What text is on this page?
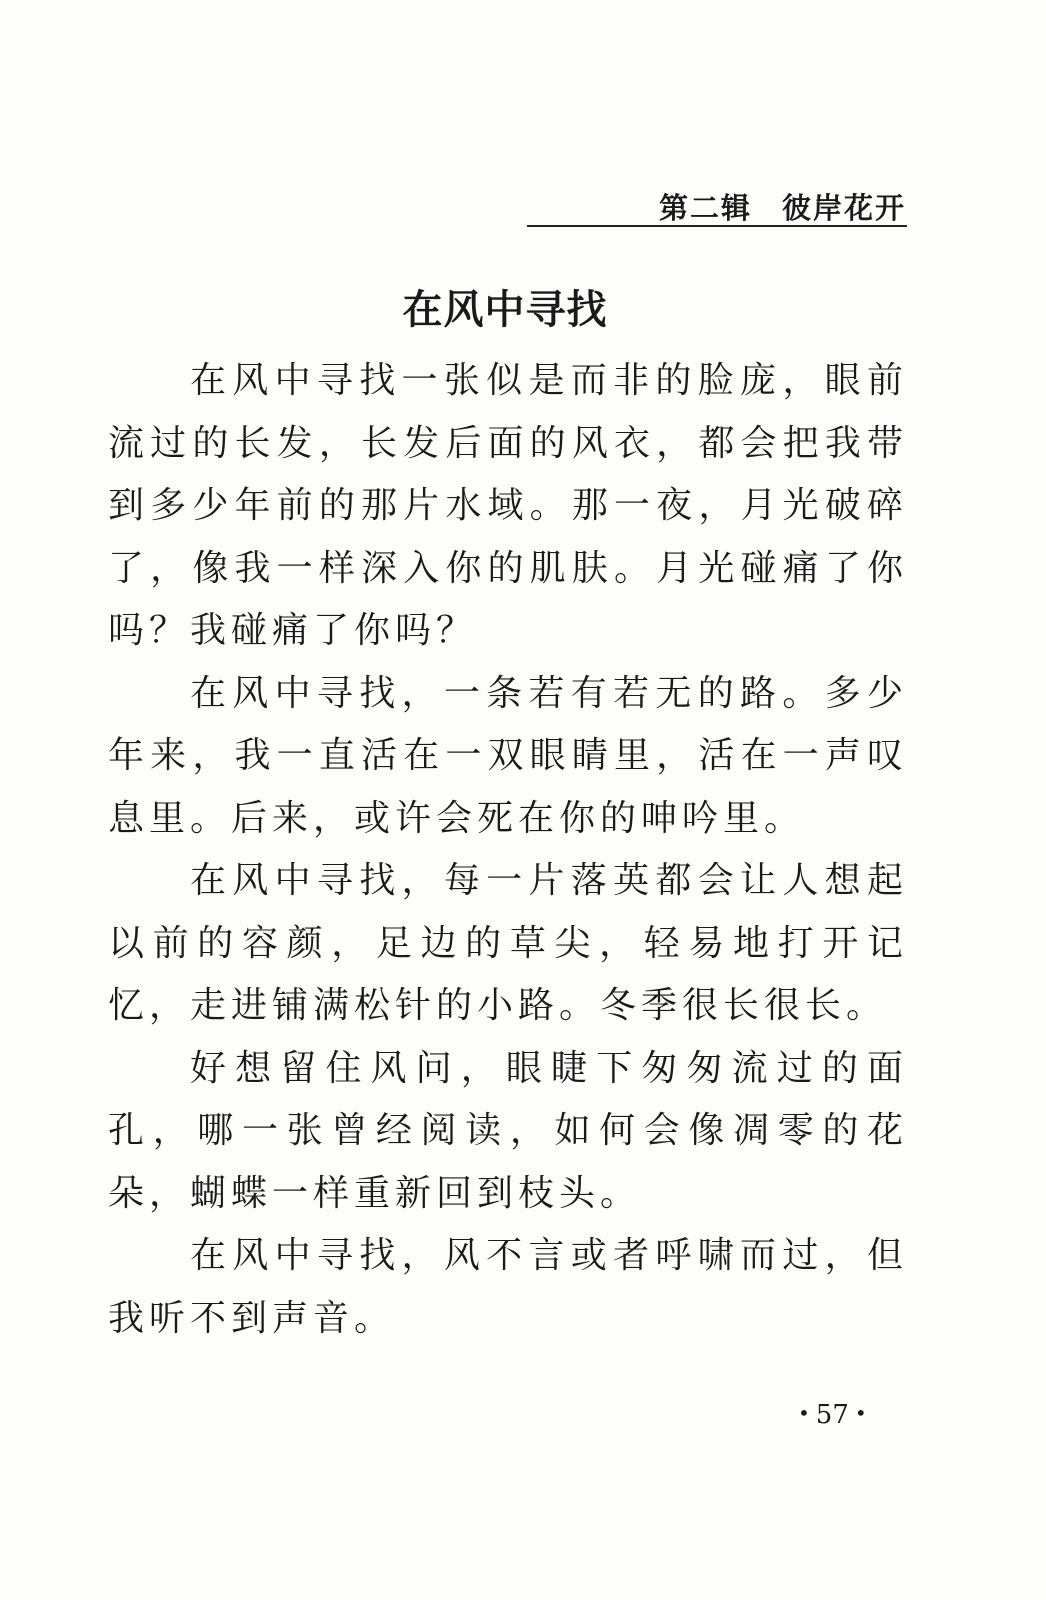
第二辑 彼岸花开
在风中寻找

在风中寻找一张似是而非的脸庞，眼前流过的长发，长发后面的风衣，都会把我带到多少年前的那片水域。那一夜，月光破碎了，像我一样深入你的肌肤。月光碰痛了你吗？我碰痛了你吗？

在风中寻找，一条若有若无的路。多少年来，我一直活在一双眼睛里，活在一声叹息里。后来，或许会死在你的呻吟里。

在风中寻找，每一片落英都会让人想起以前的容颜，足边的草尖，轻易地打开记忆，走进铺满松针的小路。冬季很长很长。

好想留住风问，眼睫下匆匆流过的面孔，哪一张曾经阅读，如何会像凋零的花朵，蝴蝶一样重新回到枝头。

在风中寻找，风不言或者呼啸而过，但我听不到声音。

• 57 •
